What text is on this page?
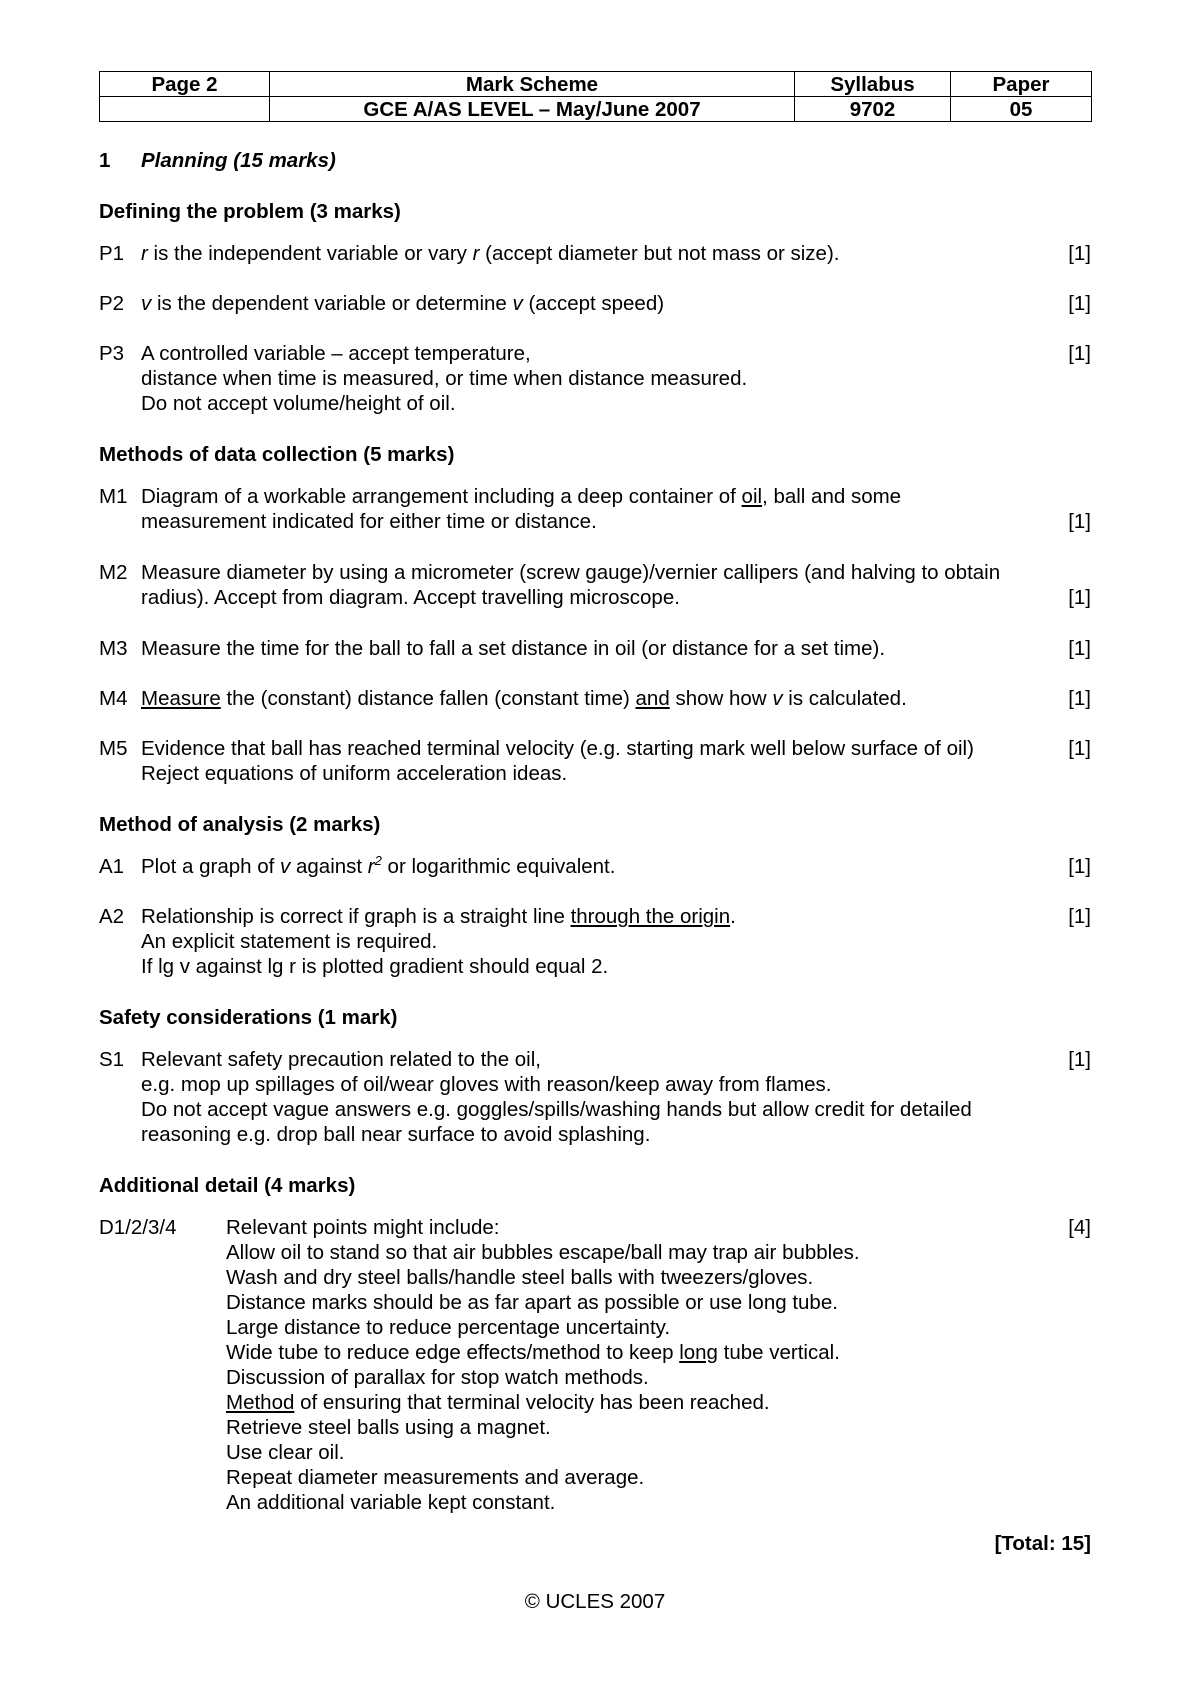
Page 2	Mark Scheme	Syllabus	Paper
	GCE A/AS LEVEL – May/June 2007	9702	05
1 Planning (15 marks)
Defining the problem (3 marks)
P1 r is the independent variable or vary r (accept diameter but not mass or size).	[1]
P2 v is the dependent variable or determine v (accept speed)	[1]
P3 A controlled variable – accept temperature,
distance when time is measured, or time when distance measured.
Do not accept volume/height of oil.
[1]
Methods of data collection (5 marks)
M1 Diagram of a workable arrangement including a deep container of oil, ball and some
measurement indicated for either time or distance.	[1]
M2 Measure diameter by using a micrometer (screw gauge)/vernier callipers (and halving to obtain
radius). Accept from diagram. Accept travelling microscope.	[1]
M3 Measure the time for the ball to fall a set distance in oil (or distance for a set time).	[1]
M4 Measure the (constant) distance fallen (constant time) and show how v is calculated.	[1]
M5 Evidence that ball has reached terminal velocity (e.g. starting mark well below surface of oil)
Reject equations of uniform acceleration ideas.
[1]
Method of analysis (2 marks)
A1 Plot a graph of v against $r^2$ or logarithmic equivalent.	[1]
A2 Relationship is correct if graph is a straight line through the origin.
An explicit statement is required.
If lg v against lg r is plotted gradient should equal 2.
[1]
Safety considerations (1 mark)
S1 Relevant safety precaution related to the oil,
e.g. mop up spillages of oil/wear gloves with reason/keep away from flames.
Do not accept vague answers e.g. goggles/spills/washing hands but allow credit for detailed
reasoning e.g. drop ball near surface to avoid splashing.
[1]
Additional detail (4 marks)
D1/2/3/4 Relevant points might include:
Allow oil to stand so that air bubbles escape/ball may trap air bubbles.
Wash and dry steel balls/handle steel balls with tweezers/gloves.
Distance marks should be as far apart as possible or use long tube.
Large distance to reduce percentage uncertainty.
Wide tube to reduce edge effects/method to keep long tube vertical.
Discussion of parallax for stop watch methods.
Method of ensuring that terminal velocity has been reached.
Retrieve steel balls using a magnet.
Use clear oil.
Repeat diameter measurements and average.
An additional variable kept constant.
[4]
[Total: 15]
© UCLES 2007
